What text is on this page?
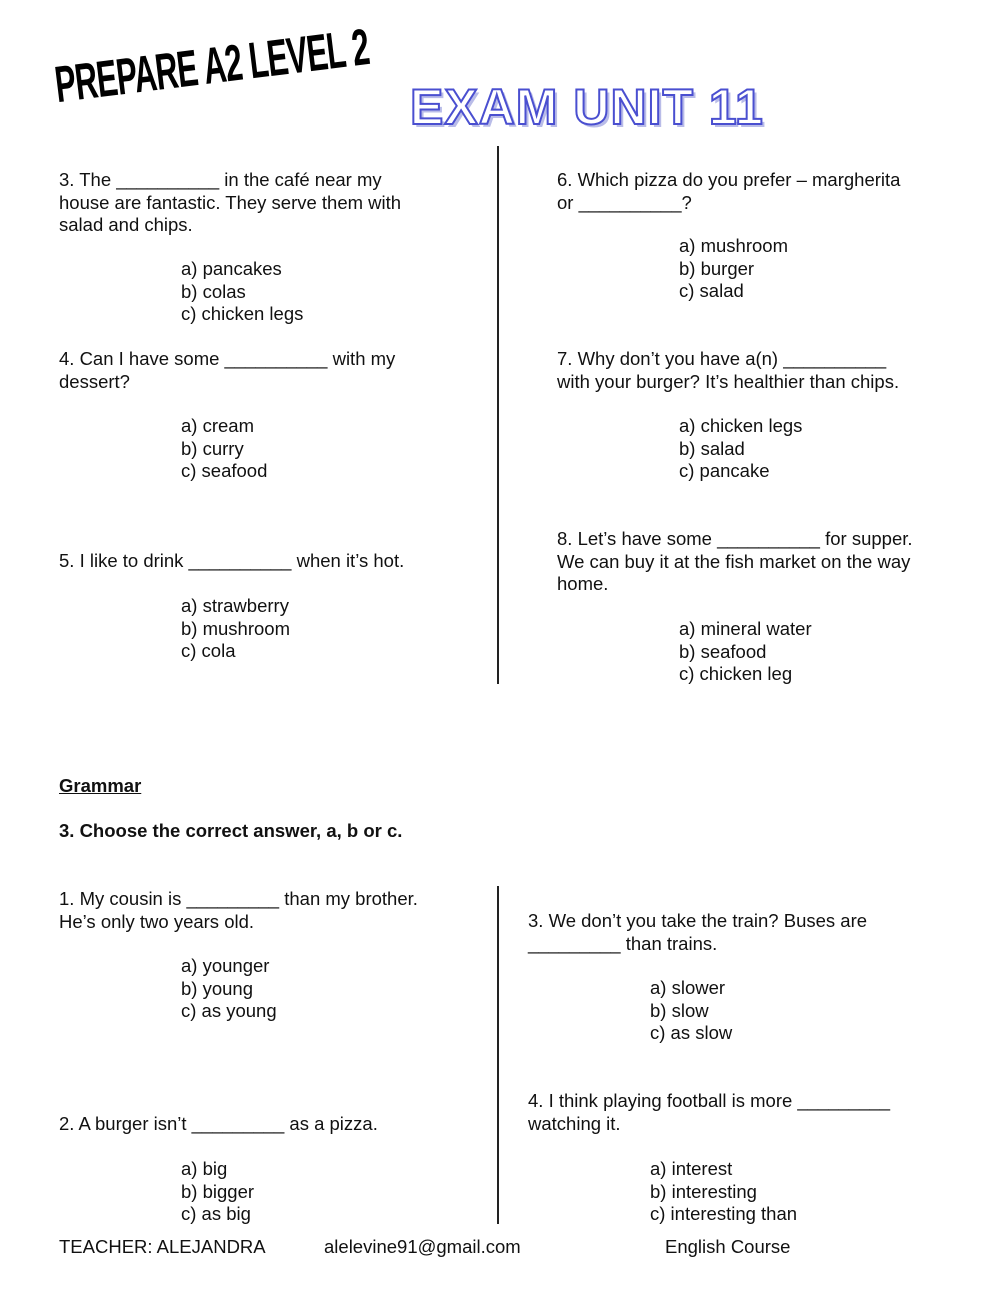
PREPARE A2 LEVEL 2 EXAM UNIT 11
3. The __________ in the café near my
house are fantastic. They serve them with
salad and chips.
a) pancakes
b) colas
c) chicken legs
4. Can I have some __________ with my
dessert?
a) cream
b) curry
c) seafood
5. I like to drink __________ when it’s hot.
a) strawberry
b) mushroom
c) cola
6. Which pizza do you prefer – margherita
or __________?
a) mushroom
b) burger
c) salad
7. Why don’t you have a(n) __________
with your burger? It’s healthier than chips.
a) chicken legs
b) salad
c) pancake
8. Let’s have some __________ for supper.
We can buy it at the fish market on the way
home.
a) mineral water
b) seafood
c) chicken leg
Grammar
3. Choose the correct answer, a, b or c.
1. My cousin is _________ than my brother.
He’s only two years old.
a) younger
b) young
c) as young
2. A burger isn’t _________ as a pizza.
a) big
b) bigger
c) as big
3. We don’t you take the train? Buses are
_________ than trains.
a) slower
b) slow
c) as slow
4. I think playing football is more _________
watching it.
a) interest
b) interesting
c) interesting than
TEACHER: ALEJANDRA	alelevine91@gmail.com	English Course
